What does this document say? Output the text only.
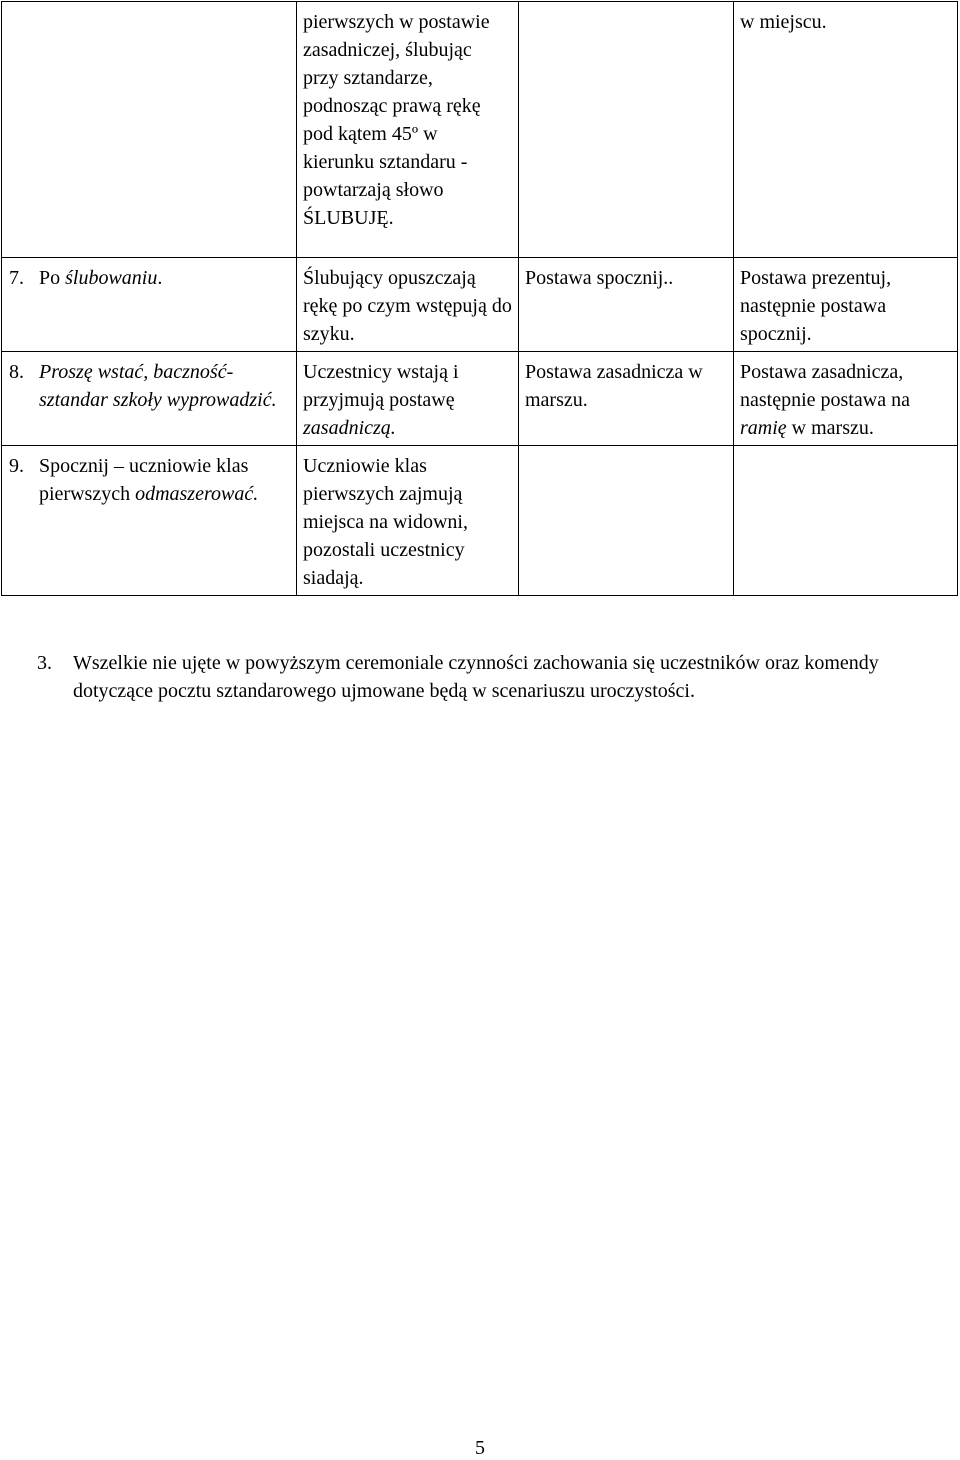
	pierwszych w postawie zasadniczej, ślubując przy sztandarze, podnosząc prawą rękę pod kątem 45º w kierunku sztandaru - powtarzają słowo ŚLUBUJĘ.		w miejscu.

7. Po ślubowaniu.	Ślubujący opuszczają rękę po czym wstępują do szyku.	Postawa spocznij..	Postawa prezentuj, następnie postawa spocznij.

8. Proszę wstać, baczność-sztandar szkoły wyprowadzić.	Uczestnicy wstają i przyjmują postawę zasadniczą.	Postawa zasadnicza w marszu.	Postawa zasadnicza, następnie postawa na ramię w marszu.

9. Spocznij – uczniowie klas pierwszych odmaszerować.	Uczniowie klas pierwszych zajmują miejsca na widowni, pozostali uczestnicy siadają.		
3.	Wszelkie nie ujęte w powyższym ceremoniale czynności zachowania się uczestników oraz komendy dotyczące pocztu sztandarowego ujmowane będą w scenariuszu uroczystości.
5
